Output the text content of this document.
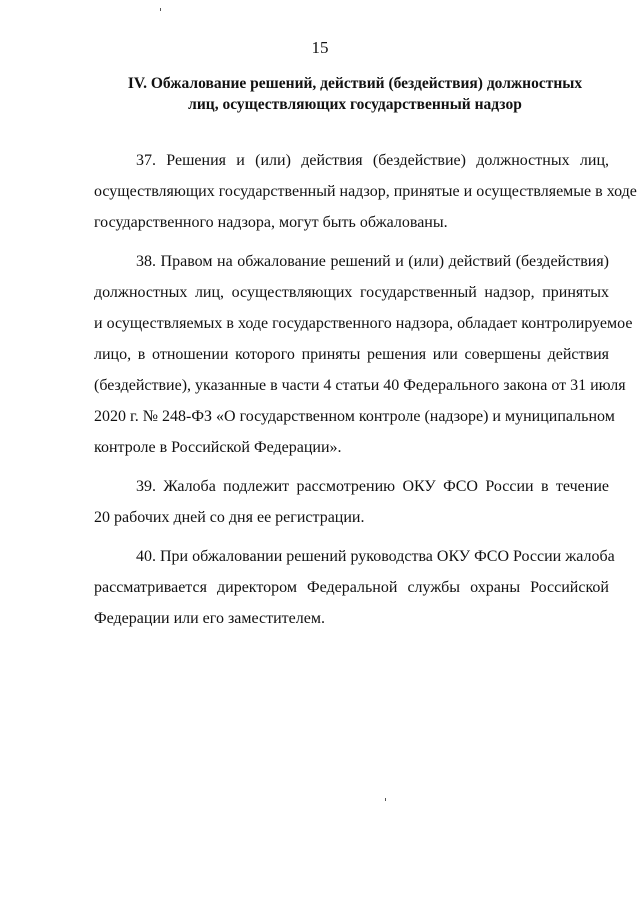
15
IV. Обжалование решений, действий (бездействия) должностных
лиц, осуществляющих государственный надзор
37. Решения и (или) действия (бездействие) должностных лиц,
осуществляющих государственный надзор, принятые и осуществляемые в ходе
государственного надзора, могут быть обжалованы.
38. Правом на обжалование решений и (или) действий (бездействия)
должностных лиц, осуществляющих государственный надзор, принятых
и осуществляемых в ходе государственного надзора, обладает контролируемое
лицо, в отношении которого приняты решения или совершены действия
(бездействие), указанные в части 4 статьи 40 Федерального закона от 31 июля
2020 г. № 248-ФЗ «О государственном контроле (надзоре) и муниципальном
контроле в Российской Федерации».
39. Жалоба подлежит рассмотрению ОКУ ФСО России в течение
20 рабочих дней со дня ее регистрации.
40. При обжаловании решений руководства ОКУ ФСО России жалоба
рассматривается директором Федеральной службы охраны Российской
Федерации или его заместителем.
